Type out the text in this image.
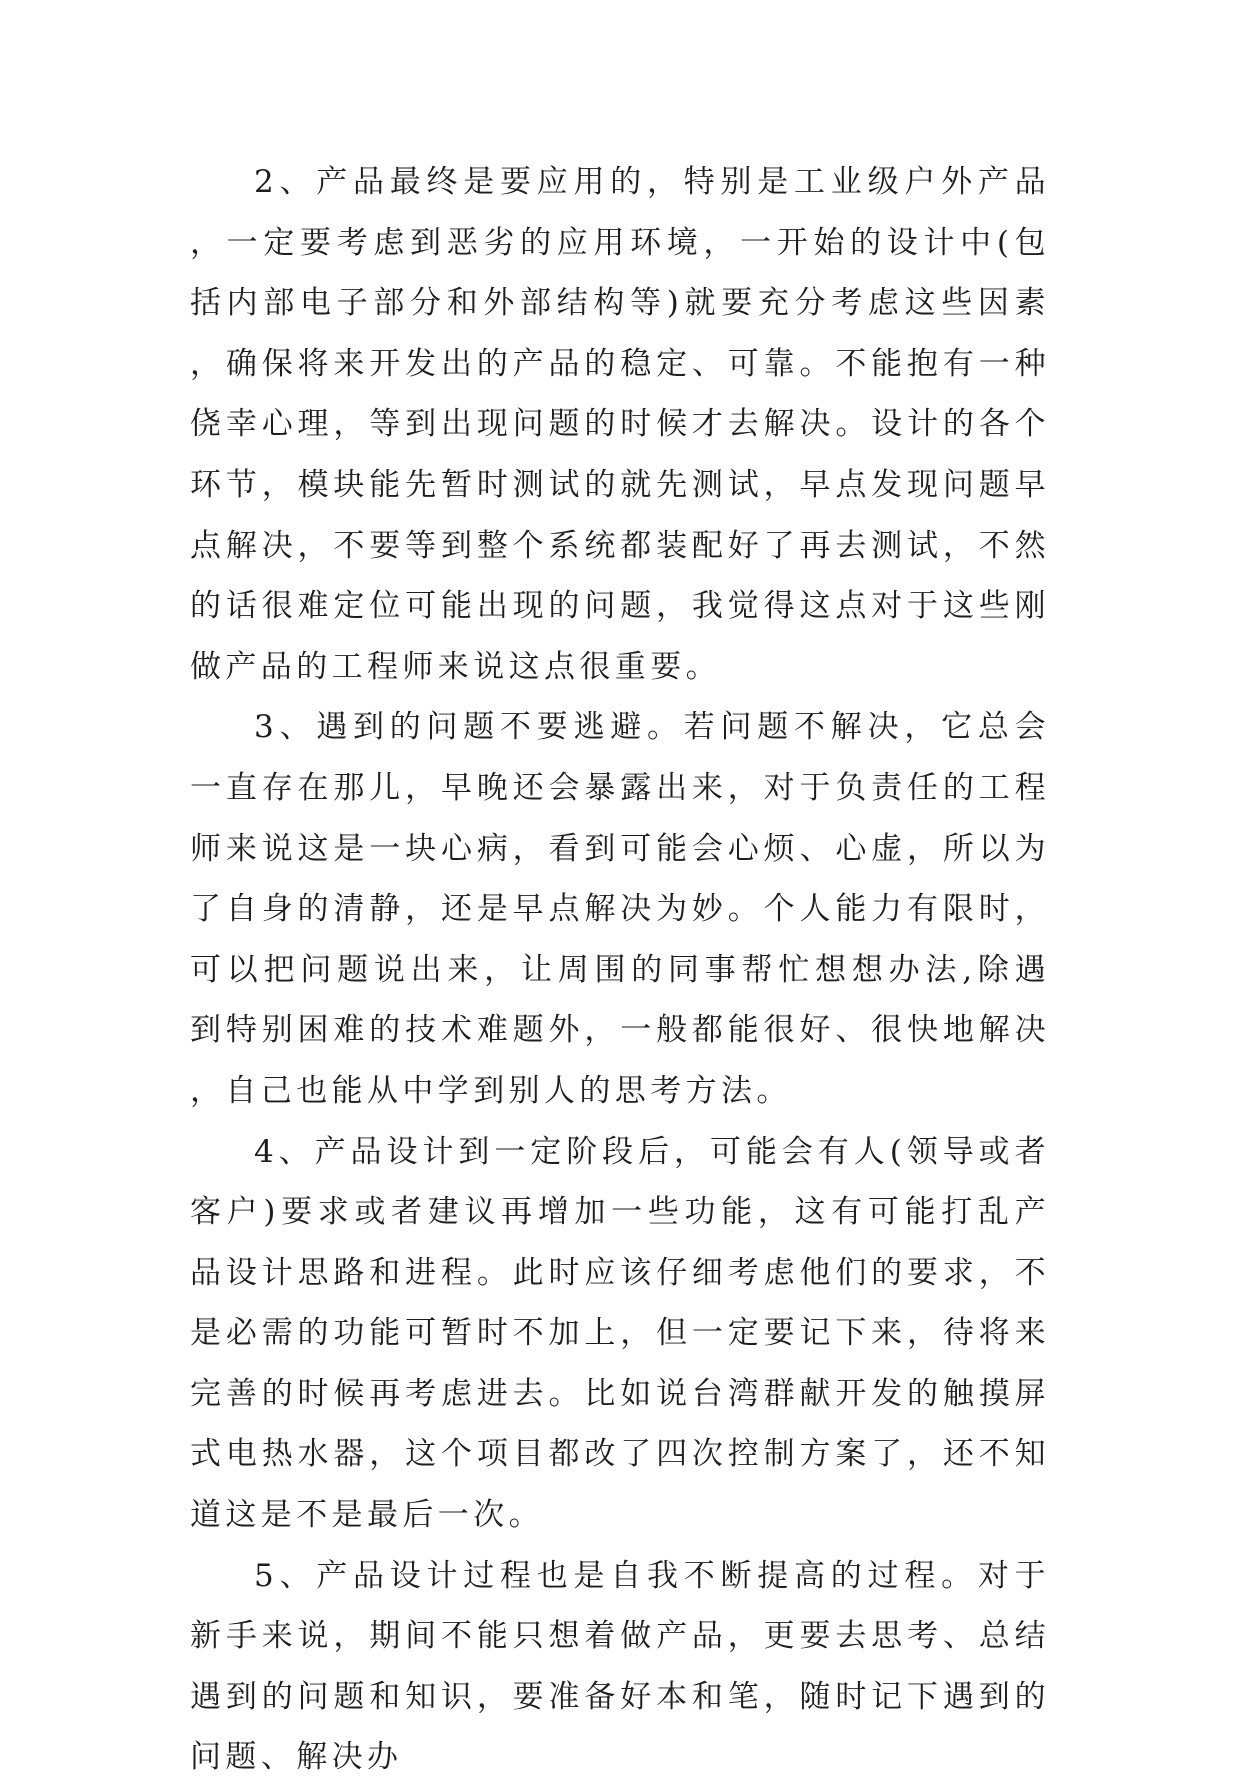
2、产品最终是要应用的，特别是工业级户外产品，一定要考虑到恶劣的应用环境，一开始的设计中(包括内部电子部分和外部结构等)就要充分考虑这些因素，确保将来开发出的产品的稳定、可靠。不能抱有一种侥幸心理，等到出现问题的时候才去解决。设计的各个环节，模块能先暂时测试的就先测试，早点发现问题早点解决，不要等到整个系统都装配好了再去测试，不然的话很难定位可能出现的问题，我觉得这点对于这些刚做产品的工程师来说这点很重要。

3、遇到的问题不要逃避。若问题不解决，它总会一直存在那儿，早晚还会暴露出来，对于负责任的工程师来说这是一块心病，看到可能会心烦、心虚，所以为了自身的清静，还是早点解决为妙。个人能力有限时，可以把问题说出来，让周围的同事帮忙想想办法,除遇到特别困难的技术难题外，一般都能很好、很快地解决，自己也能从中学到别人的思考方法。

4、产品设计到一定阶段后，可能会有人(领导或者客户)要求或者建议再增加一些功能，这有可能打乱产品设计思路和进程。此时应该仔细考虑他们的要求，不是必需的功能可暂时不加上，但一定要记下来，待将来完善的时候再考虑进去。比如说台湾群献开发的触摸屏式电热水器，这个项目都改了四次控制方案了，还不知道这是不是最后一次。

5、产品设计过程也是自我不断提高的过程。对于新手来说，期间不能只想着做产品，更要去思考、总结遇到的问题和知识，要准备好本和笔，随时记下遇到的问题、解决办
